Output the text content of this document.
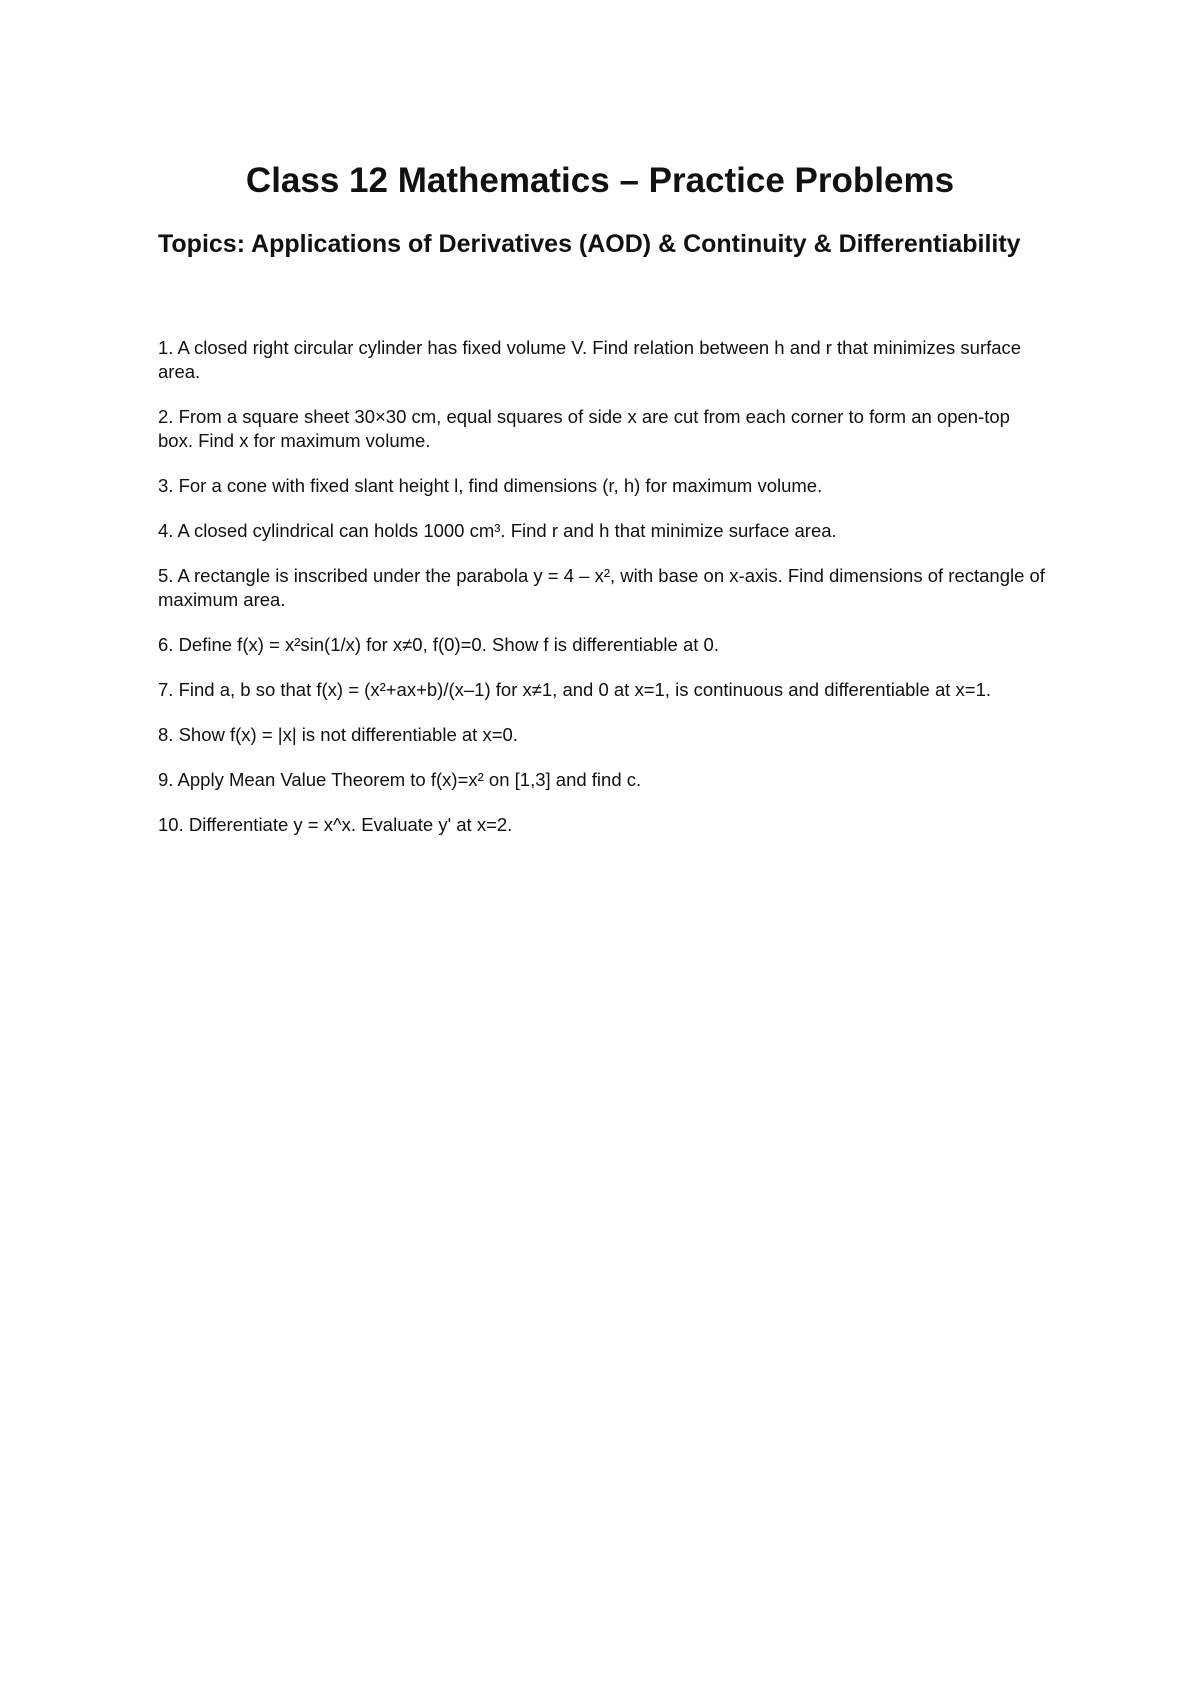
Class 12 Mathematics – Practice Problems
Topics: Applications of Derivatives (AOD) & Continuity & Differentiability
1. A closed right circular cylinder has fixed volume V. Find relation between h and r that minimizes surface area.
2. From a square sheet 30×30 cm, equal squares of side x are cut from each corner to form an open-top box. Find x for maximum volume.
3. For a cone with fixed slant height l, find dimensions (r, h) for maximum volume.
4. A closed cylindrical can holds 1000 cm³. Find r and h that minimize surface area.
5. A rectangle is inscribed under the parabola y = 4 – x², with base on x-axis. Find dimensions of rectangle of maximum area.
6. Define f(x) = x²sin(1/x) for x≠0, f(0)=0. Show f is differentiable at 0.
7. Find a, b so that f(x) = (x²+ax+b)/(x–1) for x≠1, and 0 at x=1, is continuous and differentiable at x=1.
8. Show f(x) = |x| is not differentiable at x=0.
9. Apply Mean Value Theorem to f(x)=x² on [1,3] and find c.
10. Differentiate y = x^x. Evaluate y' at x=2.
